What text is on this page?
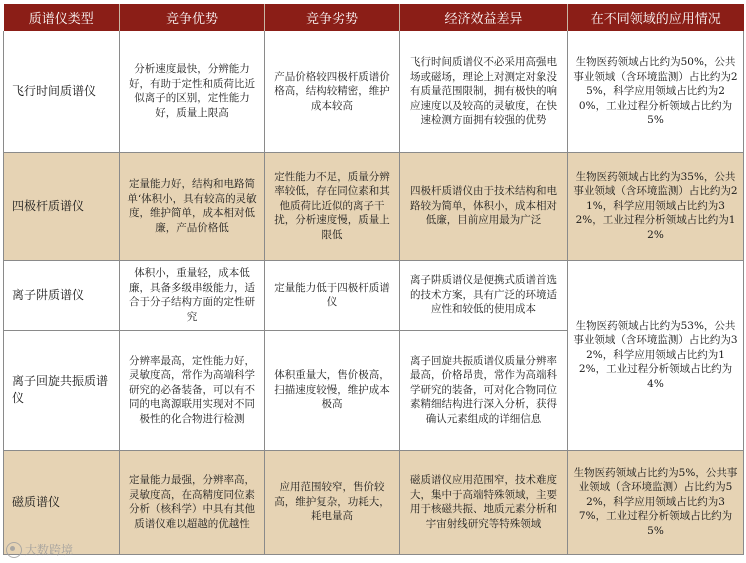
质谱仪类型	竞争优势	竞争劣势	经济效益差异	在不同领域的应用情况
飞行时间质谱仪	分析速度最快，分辨能力好，有助于定性和质荷比近似离子的区别，定性能力好，质量上限高	产品价格较四极杆质谱价格高，结构较精密，维护成本较高	飞行时间质谱仪不必采用高强电场或磁场，理论上对测定对象没有质量范围限制，拥有极快的响应速度以及较高的灵敏度，在快速检测方面拥有较强的优势	生物医药领域占比约为50%，公共事业领域（含环境监测）占比约为25%，科学应用领域占比约为20%，工业过程分析领域占比约为5%
四极杆质谱仪	定量能力好，结构和电路简单‘体积小，具有较高的灵敏度，维护简单，成本相对低廉，产品价格低	定性能力不足，质量分辨率较低，存在同位素和其他质荷比近似的离子干扰，分析速度慢，质量上限低	四极杆质谱仪由于技术结构和电路较为简单，体积小，成本相对低廉，目前应用最为广泛	生物医药领域占比约为35%，公共事业领域（含环境监测）占比约为21%，科学应用领域占比约为32%，工业过程分析领域占比约为12%
离子阱质谱仪	体积小，重量轻，成本低廉，具备多级串级能力，适合于分子结构方面的定性研究	定量能力低于四极杆质谱仪	离子阱质谱仪是便携式质谱首选的技术方案，具有广泛的环境适应性和较低的使用成本	生物医药领域占比约为53%，公共事业领域（含环境监测）占比约为32%，科学应用领域占比约为12%，工业过程分析领域占比约为4%
离子回旋共振质谱仪	分辨率最高，定性能力好，灵敏度高，常作为高端科学研究的必备装备，可以有不同的电离源联用实现对不同极性的化合物进行检测	体积重量大，售价极高，扫描速度较慢，维护成本极高	离子回旋共振质谱仪质量分辨率最高，价格昂贵，常作为高端科学研究的装备，可对化合物同位素精细结构进行深入分析，获得确认元素组成的详细信息	
磁质谱仪	定量能力最强，分辨率高，灵敏度高，在高精度同位素分析（核科学）中具有其他质谱仪难以超越的优越性	应用范围较窄，售价较高，维护复杂，功耗大，耗电量高	磁质谱仪应用范围窄，技术难度大，集中于高端特殊领域，主要用于核磁共振、地质元素分析和宇宙射线研究等特殊领域	生物医药领域占比约为5%，公共事业领域（含环境监测）占比约为52%，科学应用领域占比约为37%，工业过程分析领域占比约为5%
大数跨境
